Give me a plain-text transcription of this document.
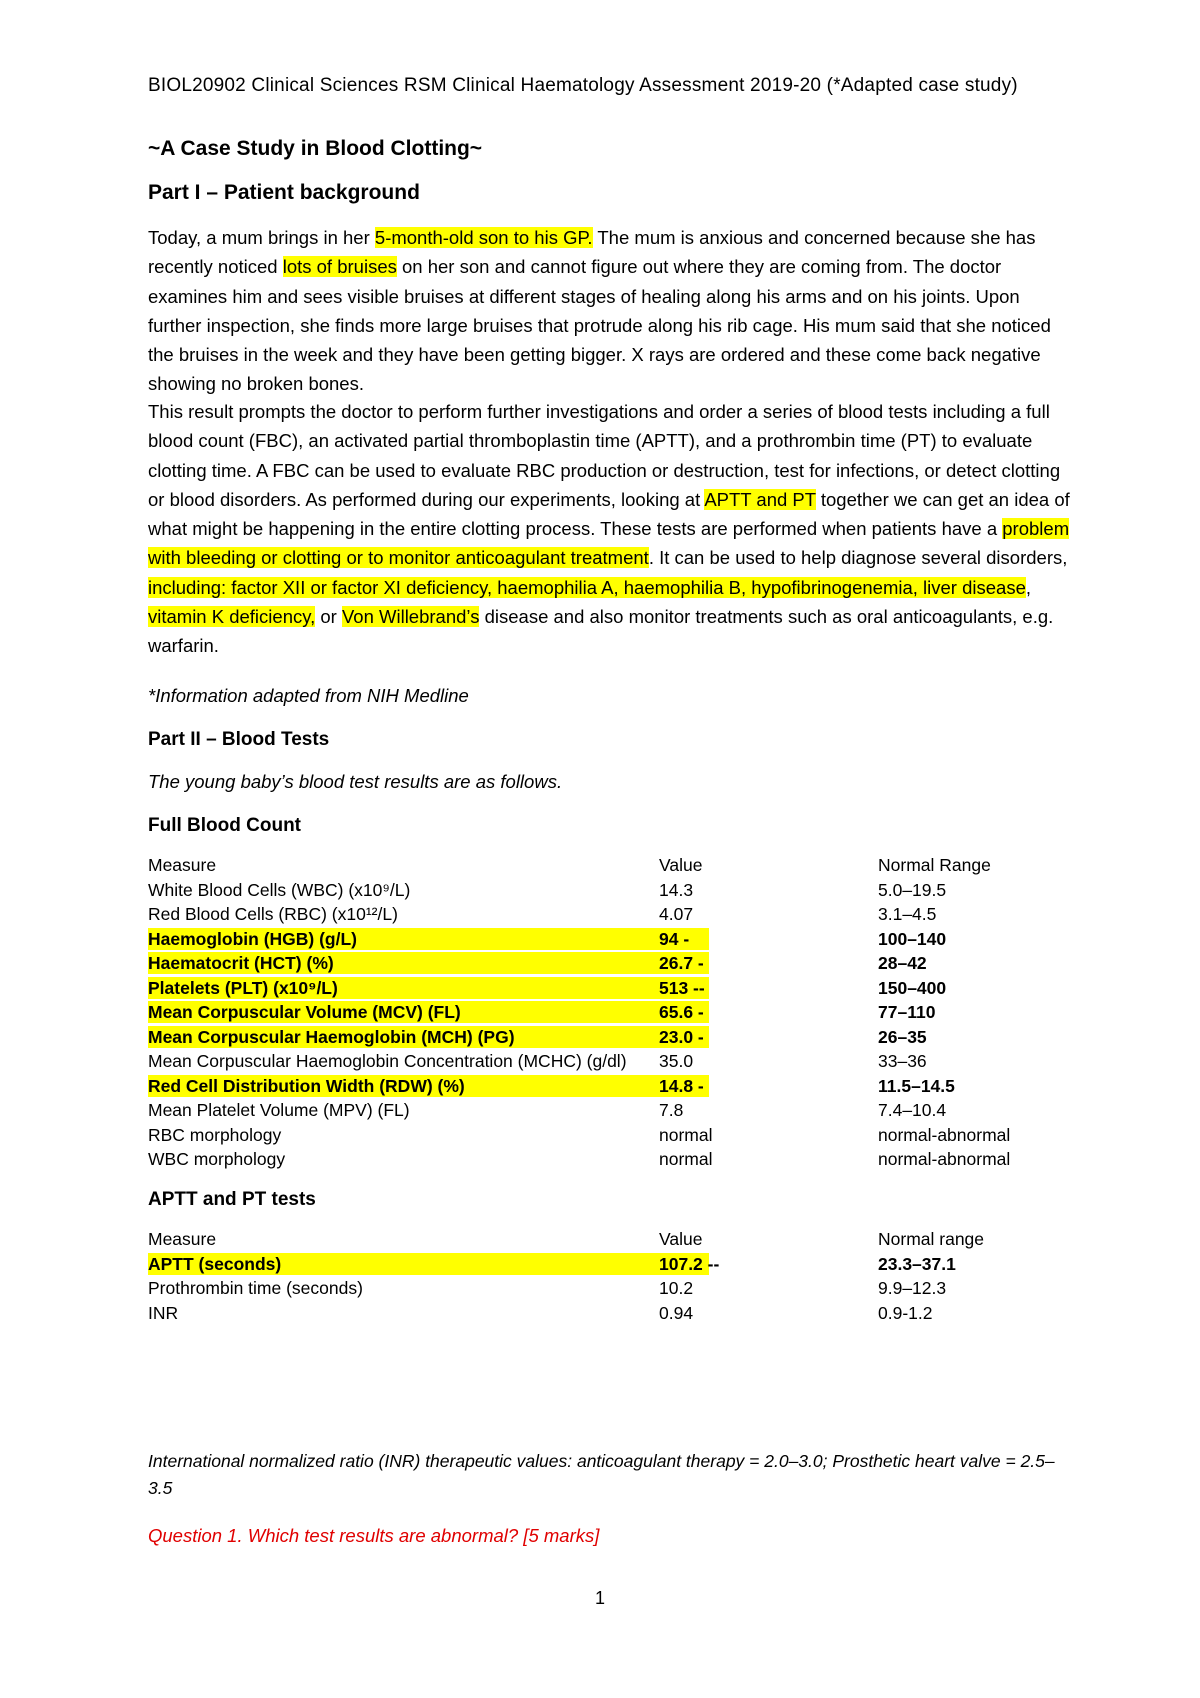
BIOL20902 Clinical Sciences RSM Clinical Haematology Assessment 2019-20 (*Adapted case study)
~A Case Study in Blood Clotting~
Part I – Patient background
Today, a mum brings in her 5-month-old son to his GP. The mum is anxious and concerned because she has recently noticed lots of bruises on her son and cannot figure out where they are coming from. The doctor examines him and sees visible bruises at different stages of healing along his arms and on his joints. Upon further inspection, she finds more large bruises that protrude along his rib cage. His mum said that she noticed the bruises in the week and they have been getting bigger. X rays are ordered and these come back negative showing no broken bones.
This result prompts the doctor to perform further investigations and order a series of blood tests including a full blood count (FBC), an activated partial thromboplastin time (APTT), and a prothrombin time (PT) to evaluate clotting time. A FBC can be used to evaluate RBC production or destruction, test for infections, or detect clotting or blood disorders. As performed during our experiments, looking at APTT and PT together we can get an idea of what might be happening in the entire clotting process. These tests are performed when patients have a problem with bleeding or clotting or to monitor anticoagulant treatment. It can be used to help diagnose several disorders, including: factor XII or factor XI deficiency, haemophilia A, haemophilia B, hypofibrinogenemia, liver disease, vitamin K deficiency, or Von Willebrand’s disease and also monitor treatments such as oral anticoagulants, e.g. warfarin.
*Information adapted from NIH Medline
Part II – Blood Tests
The young baby’s blood test results are as follows.
Full Blood Count
Measure	Value	Normal Range
White Blood Cells (WBC) (x10⁹/L)	14.3	5.0–19.5
Red Blood Cells (RBC) (x10¹²/L)	4.07	3.1–4.5
Haemoglobin (HGB) (g/L)	94 -	100–140
Haematocrit (HCT) (%)	26.7 -	28–42
Platelets (PLT) (x10⁹/L)	513 --	150–400
Mean Corpuscular Volume (MCV) (FL)	65.6 -	77–110
Mean Corpuscular Haemoglobin (MCH) (PG)	23.0 -	26–35
Mean Corpuscular Haemoglobin Concentration (MCHC) (g/dl) 35.0	33–36
Red Cell Distribution Width (RDW) (%)	14.8 -	11.5–14.5
Mean Platelet Volume (MPV) (FL)	7.8	7.4–10.4
RBC morphology	normal	normal-abnormal
WBC morphology	normal	normal-abnormal
APTT and PT tests
Measure	Value	Normal range
APTT (seconds)	107.2 --	23.3–37.1
Prothrombin time (seconds)	10.2	9.9–12.3
INR	0.94	0.9-1.2
International normalized ratio (INR) therapeutic values: anticoagulant therapy = 2.0–3.0; Prosthetic heart valve = 2.5–3.5
Question 1. Which test results are abnormal? [5 marks]
1
